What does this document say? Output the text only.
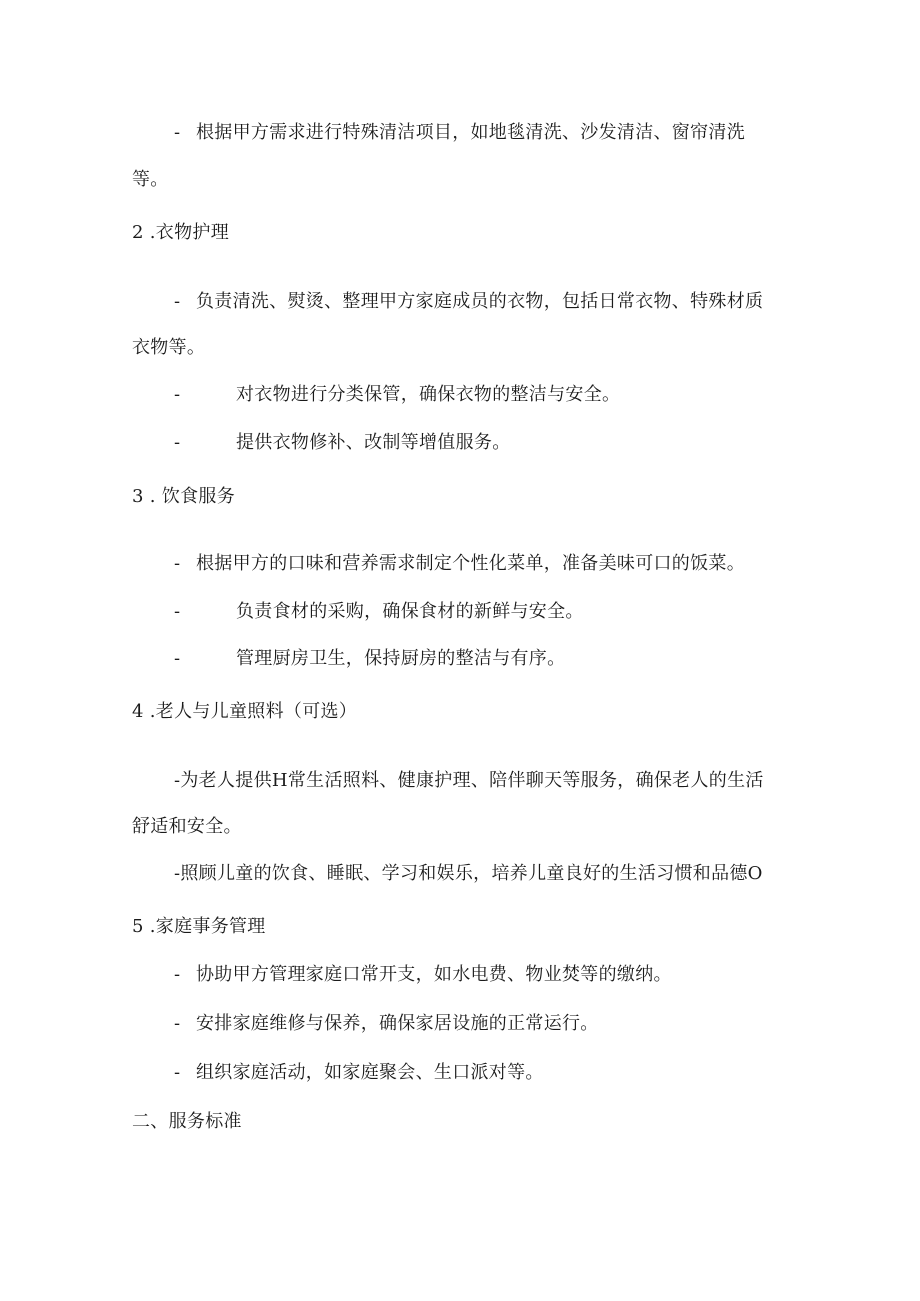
- 根据甲方需求进行特殊清洁项目，如地毯清洗、沙发清洁、窗帘清洗
等。
2 .衣物护理
- 负责清洗、熨烫、整理甲方家庭成员的衣物，包括日常衣物、特殊材质
衣物等。
-	对衣物进行分类保管，确保衣物的整洁与安全。
-	提供衣物修补、改制等增值服务。
3 . 饮食服务
- 根据甲方的口味和营养需求制定个性化菜单，准备美味可口的饭菜。
-	负责食材的采购，确保食材的新鲜与安全。
-	管理厨房卫生，保持厨房的整洁与有序。
4 .老人与儿童照料（可选）
-为老人提供H常生活照料、健康护理、陪伴聊天等服务，确保老人的生活
舒适和安全。
-照顾儿童的饮食、睡眠、学习和娱乐，培养儿童良好的生活习惯和品德O
5 .家庭事务管理
- 协助甲方管理家庭口常开支，如水电费、物业焚等的缴纳。
- 安排家庭维修与保养，确保家居设施的正常运行。
- 组织家庭活动，如家庭聚会、生口派对等。
二、服务标准
